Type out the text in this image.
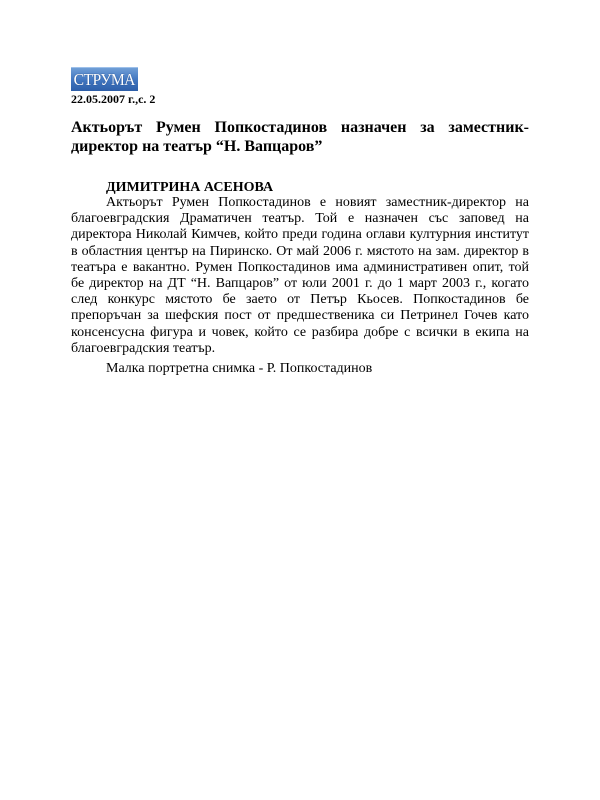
СТРУМА
22.05.2007 г.,с. 2
Актьорът Румен Попкостадинов назначен за заместник-директор на театър “Н. Вапцаров”

ДИМИТРИНА АСЕНОВА

Актьорът Румен Попкостадинов е новият заместник-директор на благоевградския Драматичен театър. Той е назначен със заповед на директора Николай Кимчев, който преди година оглави културния институт в областния център на Пиринско. От май 2006 г. мястото на зам. директор в театъра е вакантно. Румен Попкостадинов има административен опит, той бе директор на ДТ “Н. Вапцаров” от юли 2001 г. до 1 март 2003 г., когато след конкурс мястото бе заето от Петър Кьосев. Попкостадинов бе препоръчан за шефския пост от предшественика си Петринел Гочев като консенсусна фигура и човек, който се разбира добре с всички в екипа на благоевградския театър.

Малка портретна снимка - Р. Попкостадинов
